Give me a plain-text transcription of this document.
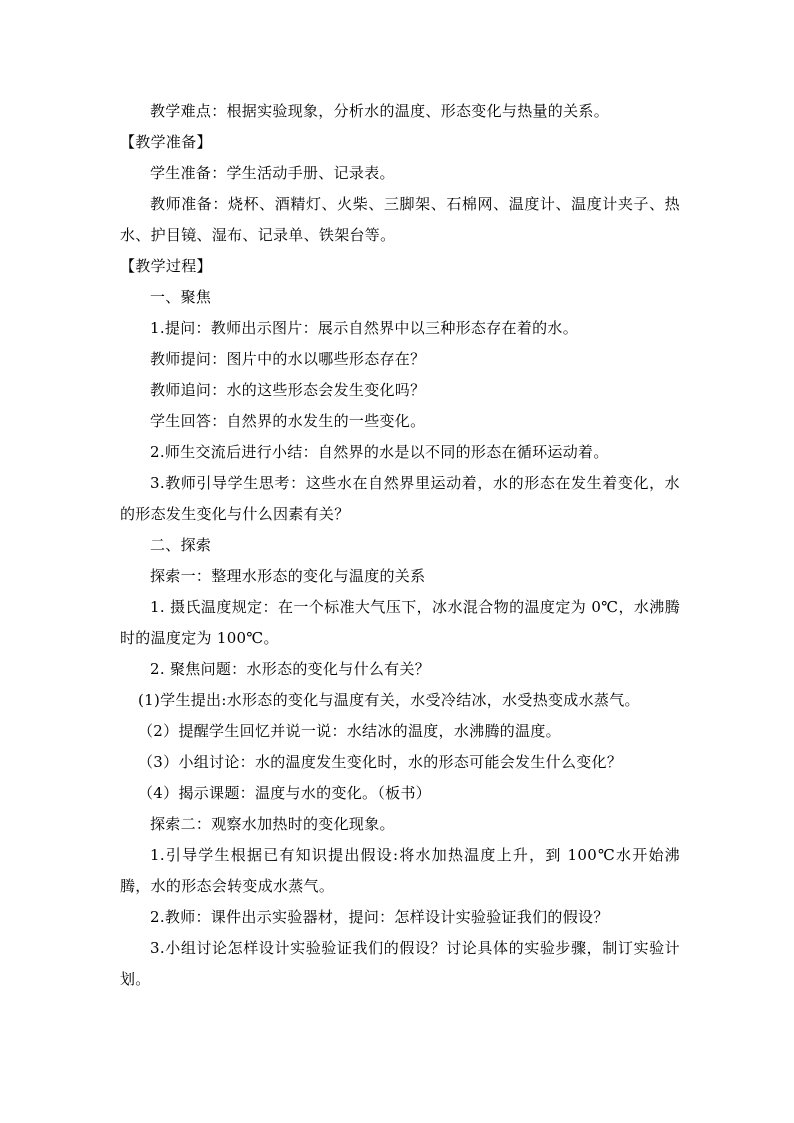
教学难点：根据实验现象，分析水的温度、形态变化与热量的关系。
【教学准备】
学生准备：学生活动手册、记录表。
教师准备：烧杯、酒精灯、火柴、三脚架、石棉网、温度计、温度计夹子、热水、护目镜、湿布、记录单、铁架台等。
【教学过程】
一、聚焦
1.提问：教师出示图片：展示自然界中以三种形态存在着的水。
教师提问：图片中的水以哪些形态存在？
教师追问：水的这些形态会发生变化吗？
学生回答：自然界的水发生的一些变化。
2.师生交流后进行小结：自然界的水是以不同的形态在循环运动着。
3.教师引导学生思考：这些水在自然界里运动着，水的形态在发生着变化，水的形态发生变化与什么因素有关？
二、探索
探索一：整理水形态的变化与温度的关系
1. 摄氏温度规定：在一个标准大气压下，冰水混合物的温度定为 0℃，水沸腾时的温度定为 100℃。
2. 聚焦问题：水形态的变化与什么有关？
(1)学生提出:水形态的变化与温度有关，水受冷结冰，水受热变成水蒸气。
（2）提醒学生回忆并说一说：水结冰的温度，水沸腾的温度。
（3）小组讨论：水的温度发生变化时，水的形态可能会发生什么变化？
（4）揭示课题：温度与水的变化。（板书）
探索二：观察水加热时的变化现象。
1.引导学生根据已有知识提出假设:将水加热温度上升，到 100℃水开始沸腾，水的形态会转变成水蒸气。
2.教师：课件出示实验器材，提问：怎样设计实验验证我们的假设？
3.小组讨论怎样设计实验验证我们的假设？讨论具体的实验步骤，制订实验计划。
